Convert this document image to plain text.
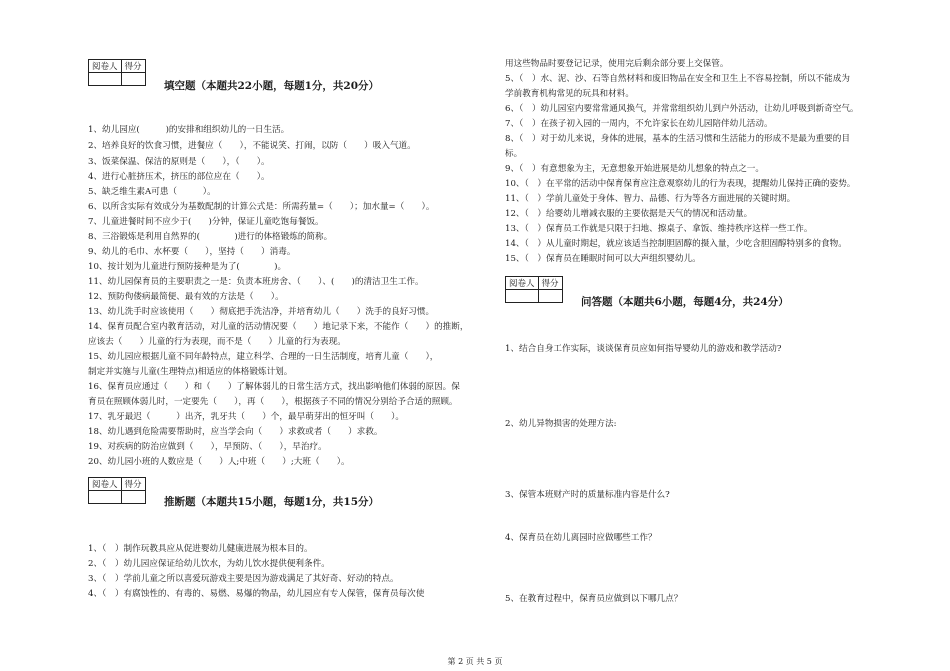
阅卷人	得分

填空题（本题共22小题，每题1分，共20分）
1、幼儿园应(　　　)的安排和组织幼儿的一日生活。
2、培养良好的饮食习惯，进餐应（　　），不能说笑、打闹，以防（　　）吸入气道。
3、饭菜保温、保洁的原则是（　　），（　　）。
4、进行心脏挤压术，挤压的部位应在（　　）。
5、缺乏维生素A可患（　　　）。
6、以所含实际有效成分为基数配制的计算公式是：所需药量=（　　）；加水量=（　　）。
7、儿童进餐时间不应少于(　　)分钟，保证儿童吃饱每餐饭。
8、三浴锻炼是利用自然界的(　　　　)进行的体格锻炼的简称。
9、幼儿的毛巾、水杯要（　　），坚持（　　）消毒。
10、按计划为儿童进行预防接种是为了(　　　　)。
11、幼儿园保育员的主要职责之一是：负责本班房舍、（　　）、(　　)的清洁卫生工作。
12、预防佝偻病最简便、最有效的方法是（　　）。
13、幼儿洗手时应该使用（　　）彻底把手洗洁净，并培育幼儿（　　）洗手的良好习惯。
14、保育员配合室内教育活动，对儿童的活动情况要（　　）地记录下来，不能作（　　）的推断，
应该去（　　）儿童的行为表现，而不是（　　）儿童的行为表现。
15、幼儿园应根据儿童不同年龄特点，建立科学、合理的一日生活制度，培育儿童（　　），
制定并实施与儿童(生理特点)相适应的体格锻炼计划。
16、保育员应通过（　　）和（　　）了解体弱儿的日常生活方式，找出影响他们体弱的原因。保
育员在照顾体弱儿时，一定要先（　　），再（　　），根据孩子不同的情况分别给予合适的照顾。
17、乳牙最迟（　　　）出齐，乳牙共（　　）个，最早萌芽出的恒牙叫（　　）。
18、幼儿遇到危险需要帮助时，应当学会向（　　）求救或者（　　）求救。
19、对疾病的防治应做到（　　），早预防、（　　），早治疗。
20、幼儿园小班的人数应是（　　）人;中班（　　）;大班（　　）。
阅卷人	得分

推断题（本题共15小题，每题1分，共15分）
1、（　）制作玩教具应从促进婴幼儿健康进展为根本目的。
2、（　）幼儿园应保证给幼儿饮水，为幼儿饮水提供便利条件。
3、（　）学前儿童之所以喜爱玩游戏主要是因为游戏满足了其好奇、好动的特点。
4、（　）有腐蚀性的、有毒的、易燃、易爆的物品，幼儿园应有专人保管，保育员每次使
用这些物品时要登记记录，使用完后剩余部分要上交保管。
5、（　）水、泥、沙、石等自然材料和废旧物品在安全和卫生上不容易控制，所以不能成为
学前教育机构常见的玩具和材料。
6、（　）幼儿园室内要常常通风换气，并常常组织幼儿到户外活动，让幼儿呼吸到新奇空气。
7、（　）在孩子初入园的一周内，不允许家长在幼儿园陪伴幼儿活动。
8、（　）对于幼儿来说，身体的进展，基本的生活习惯和生活能力的形成不是最为重要的目
标。
9、（　）有意想象为主，无意想象开始进展是幼儿想象的特点之一。
10、（　）在平常的活动中保育保育应注意观察幼儿的行为表现，提醒幼儿保持正确的姿势。
11、（　）学前儿童处于身体、智力、品德、行为等各方面进展的关键时期。
12、（　）给婴幼儿增减衣服的主要依据是天气的情况和活动量。
13、（　）保育员工作就是只限于扫地、擦桌子、拿饭、维持秩序这样一些工作。
14、（　）从儿童时期起，就应该适当控制胆固醇的摄入量，少吃含胆固醇特别多的食物。
15、（　）保育员在睡眠时间可以大声组织婴幼儿。
阅卷人	得分

问答题（本题共6小题，每题4分，共24分）
1、结合自身工作实际，谈谈保育员应如何指导婴幼儿的游戏和教学活动?
2、幼儿异物损害的处理方法:
3、保管本班财产时的质量标准内容是什么?
4、保育员在幼儿离园时应做哪些工作？
5、在教育过程中，保育员应做到以下哪几点？
第 2 页 共 5 页
